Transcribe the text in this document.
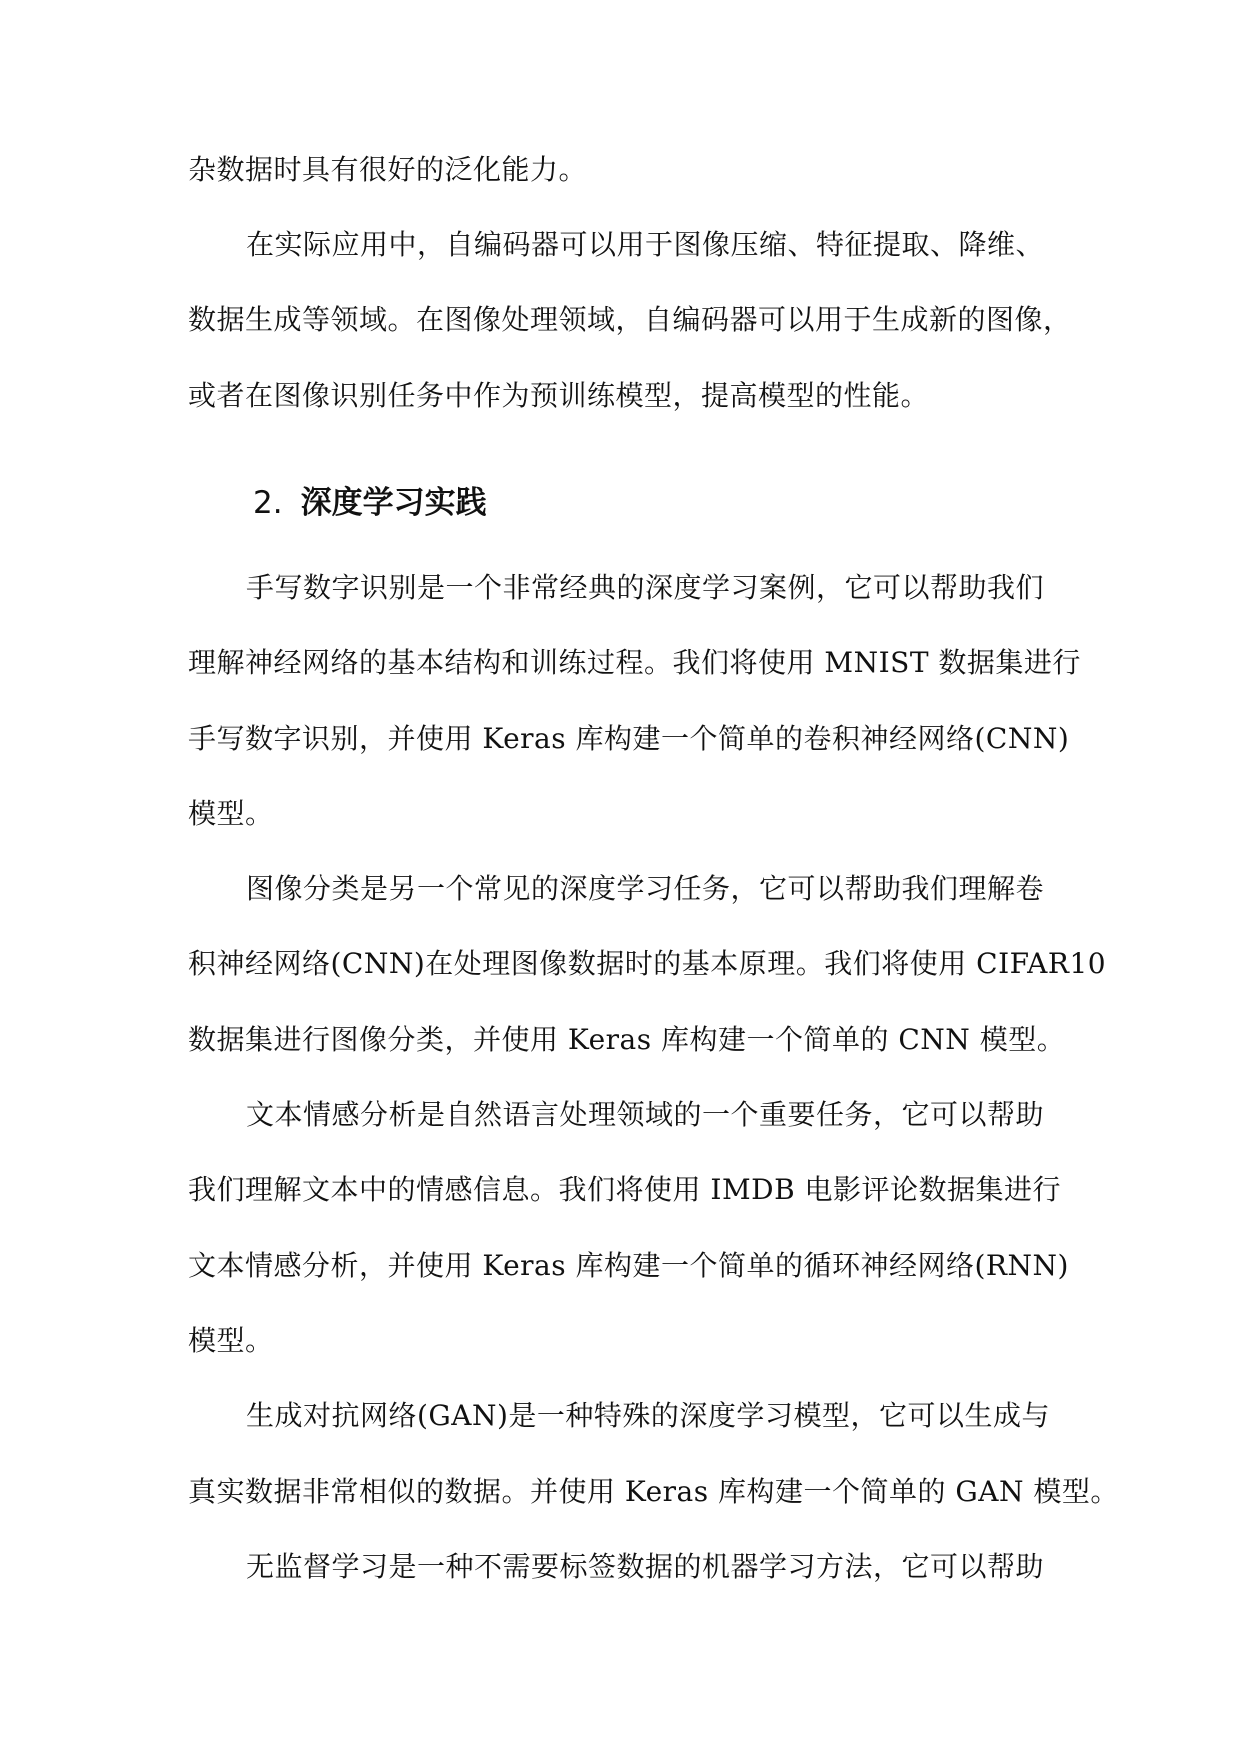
杂数据时具有很好的泛化能力。
在实际应用中，自编码器可以用于图像压缩、特征提取、降维、
数据生成等领域。在图像处理领域，自编码器可以用于生成新的图像，
或者在图像识别任务中作为预训练模型，提高模型的性能。
2. 深度学习实践
手写数字识别是一个非常经典的深度学习案例，它可以帮助我们
理解神经网络的基本结构和训练过程。我们将使用 MNIST 数据集进行
手写数字识别，并使用 Keras 库构建一个简单的卷积神经网络(CNN)
模型。
图像分类是另一个常见的深度学习任务，它可以帮助我们理解卷
积神经网络(CNN)在处理图像数据时的基本原理。我们将使用 CIFAR10
数据集进行图像分类，并使用 Keras 库构建一个简单的 CNN 模型。
文本情感分析是自然语言处理领域的一个重要任务，它可以帮助
我们理解文本中的情感信息。我们将使用 IMDB 电影评论数据集进行
文本情感分析，并使用 Keras 库构建一个简单的循环神经网络(RNN)
模型。
生成对抗网络(GAN)是一种特殊的深度学习模型，它可以生成与
真实数据非常相似的数据。并使用 Keras 库构建一个简单的 GAN 模型。
无监督学习是一种不需要标签数据的机器学习方法，它可以帮助
